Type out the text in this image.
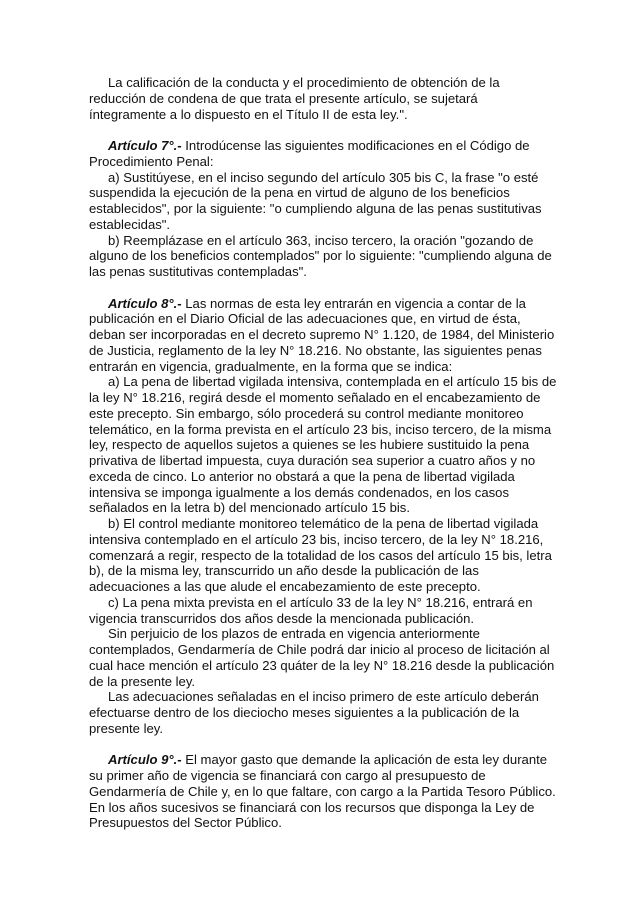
La calificación de la conducta y el procedimiento de obtención de la reducción de condena de que trata el presente artículo, se sujetará íntegramente a lo dispuesto en el Título II de esta ley.".

Artículo 7°.- Introdúcense las siguientes modificaciones en el Código de Procedimiento Penal:

a) Sustitúyese, en el inciso segundo del artículo 305 bis C, la frase "o esté suspendida la ejecución de la pena en virtud de alguno de los beneficios establecidos", por la siguiente: "o cumpliendo alguna de las penas sustitutivas establecidas".

b) Reemplázase en el artículo 363, inciso tercero, la oración "gozando de alguno de los beneficios contemplados" por lo siguiente: "cumpliendo alguna de las penas sustitutivas contempladas".

Artículo 8°.- Las normas de esta ley entrarán en vigencia a contar de la publicación en el Diario Oficial de las adecuaciones que, en virtud de ésta, deban ser incorporadas en el decreto supremo N° 1.120, de 1984, del Ministerio de Justicia, reglamento de la ley N° 18.216. No obstante, las siguientes penas entrarán en vigencia, gradualmente, en la forma que se indica:

a) La pena de libertad vigilada intensiva, contemplada en el artículo 15 bis de la ley N° 18.216, regirá desde el momento señalado en el encabezamiento de este precepto. Sin embargo, sólo procederá su control mediante monitoreo telemático, en la forma prevista en el artículo 23 bis, inciso tercero, de la misma ley, respecto de aquellos sujetos a quienes se les hubiere sustituido la pena privativa de libertad impuesta, cuya duración sea superior a cuatro años y no exceda de cinco. Lo anterior no obstará a que la pena de libertad vigilada intensiva se imponga igualmente a los demás condenados, en los casos señalados en la letra b) del mencionado artículo 15 bis.

b) El control mediante monitoreo telemático de la pena de libertad vigilada intensiva contemplado en el artículo 23 bis, inciso tercero, de la ley N° 18.216, comenzará a regir, respecto de la totalidad de los casos del artículo 15 bis, letra b), de la misma ley, transcurrido un año desde la publicación de las adecuaciones a las que alude el encabezamiento de este precepto.

c) La pena mixta prevista en el artículo 33 de la ley N° 18.216, entrará en vigencia transcurridos dos años desde la mencionada publicación.

Sin perjuicio de los plazos de entrada en vigencia anteriormente contemplados, Gendarmería de Chile podrá dar inicio al proceso de licitación al cual hace mención el artículo 23 quáter de la ley N° 18.216 desde la publicación de la presente ley.

Las adecuaciones señaladas en el inciso primero de este artículo deberán efectuarse dentro de los dieciocho meses siguientes a la publicación de la presente ley.

Artículo 9°.- El mayor gasto que demande la aplicación de esta ley durante su primer año de vigencia se financiará con cargo al presupuesto de Gendarmería de Chile y, en lo que faltare, con cargo a la Partida Tesoro Público. En los años sucesivos se financiará con los recursos que disponga la Ley de Presupuestos del Sector Público.
